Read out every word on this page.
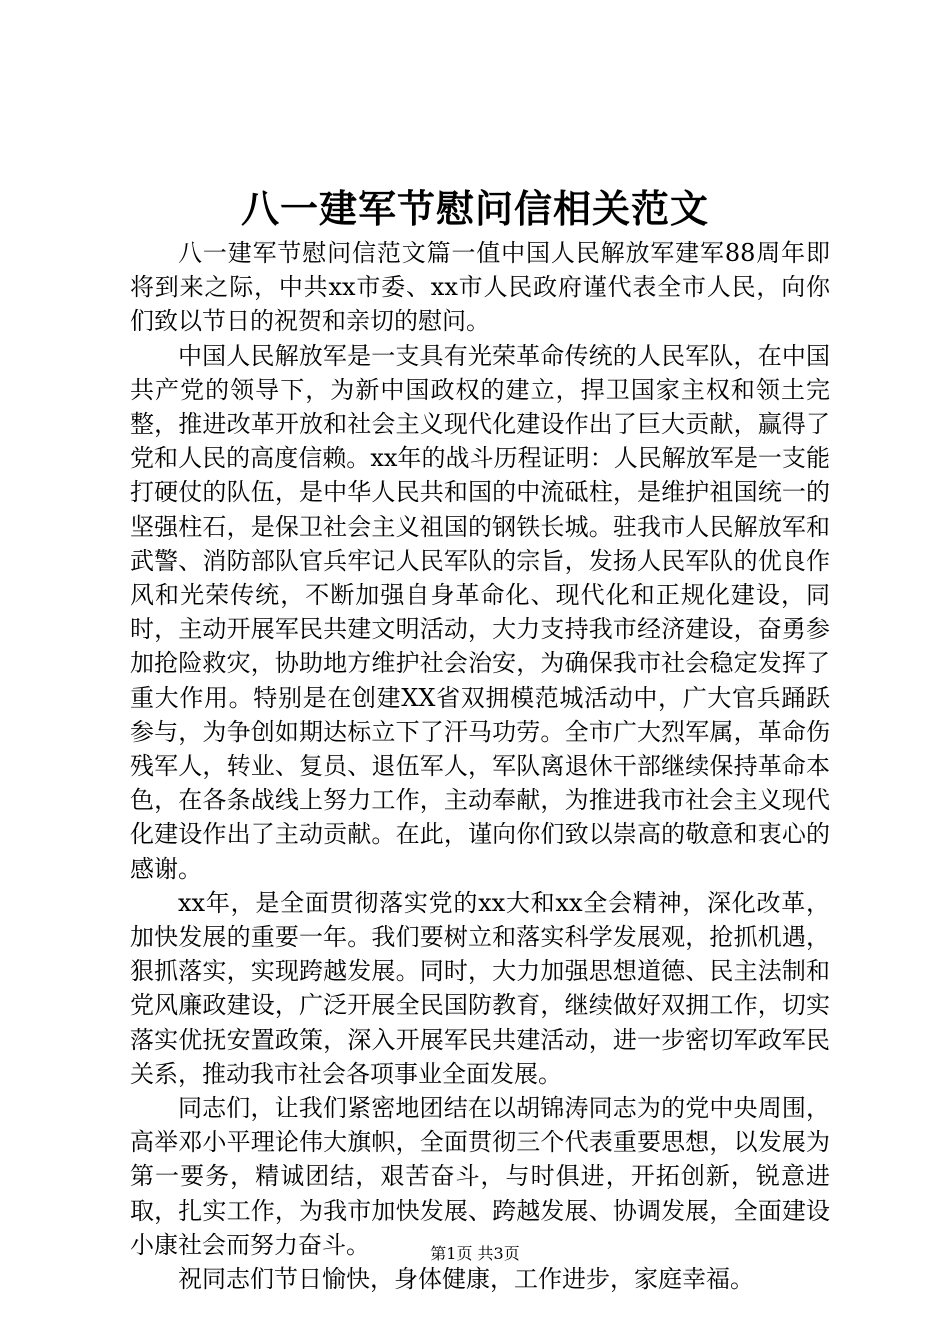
八一建军节慰问信相关范文

八一建军节慰问信范文篇一值中国人民解放军建军88周年即将到来之际，中共xx市委、xx市人民政府谨代表全市人民，向你们致以节日的祝贺和亲切的慰问。

中国人民解放军是一支具有光荣革命传统的人民军队，在中国共产党的领导下，为新中国政权的建立，捍卫国家主权和领土完整，推进改革开放和社会主义现代化建设作出了巨大贡献，赢得了党和人民的高度信赖。xx年的战斗历程证明：人民解放军是一支能打硬仗的队伍，是中华人民共和国的中流砥柱，是维护祖国统一的坚强柱石，是保卫社会主义祖国的钢铁长城。驻我市人民解放军和武警、消防部队官兵牢记人民军队的宗旨，发扬人民军队的优良作风和光荣传统，不断加强自身革命化、现代化和正规化建设，同时，主动开展军民共建文明活动，大力支持我市经济建设，奋勇参加抢险救灾，协助地方维护社会治安，为确保我市社会稳定发挥了重大作用。特别是在创建XX省双拥模范城活动中，广大官兵踊跃参与，为争创如期达标立下了汗马功劳。全市广大烈军属，革命伤残军人，转业、复员、退伍军人，军队离退休干部继续保持革命本色，在各条战线上努力工作，主动奉献，为推进我市社会主义现代化建设作出了主动贡献。在此，谨向你们致以崇高的敬意和衷心的感谢。

xx年，是全面贯彻落实党的xx大和xx全会精神，深化改革，加快发展的重要一年。我们要树立和落实科学发展观，抢抓机遇，狠抓落实，实现跨越发展。同时，大力加强思想道德、民主法制和党风廉政建设，广泛开展全民国防教育，继续做好双拥工作，切实落实优抚安置政策，深入开展军民共建活动，进一步密切军政军民关系，推动我市社会各项事业全面发展。

同志们，让我们紧密地团结在以胡锦涛同志为的党中央周围，高举邓小平理论伟大旗帜，全面贯彻三个代表重要思想，以发展为第一要务，精诚团结，艰苦奋斗，与时俱进，开拓创新，锐意进取，扎实工作，为我市加快发展、跨越发展、协调发展，全面建设小康社会而努力奋斗。

祝同志们节日愉快，身体健康，工作进步，家庭幸福。

第1页 共3页
